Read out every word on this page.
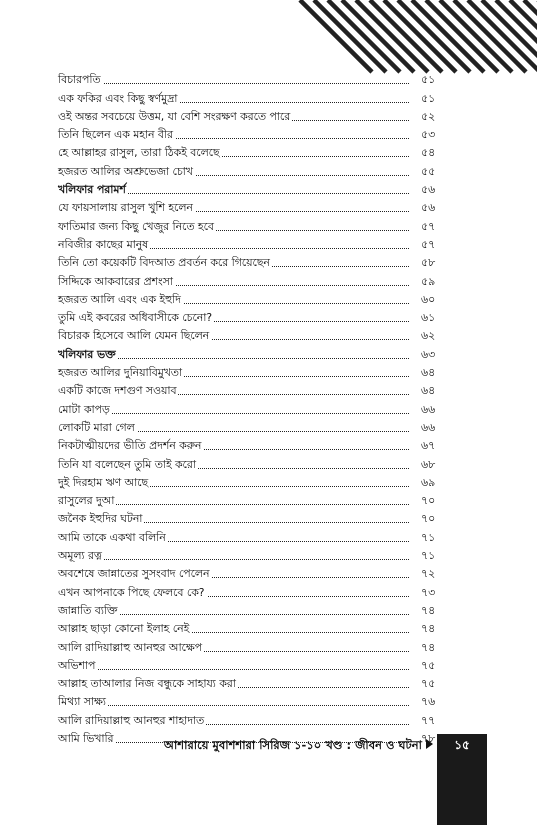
বিচারপতি	৫১
এক ফকির এবং কিছু স্বর্ণমুদ্রা	৫১
ওই অন্তর সবচেয়ে উত্তম, যা বেশি সংরক্ষণ করতে পারে	৫২
তিনি ছিলেন এক মহান বীর	৫৩
হে আল্লাহর রাসুল, তারা ঠিকই বলেছে	৫৪
হজরত আলির অশ্রুভেজা চোখ	৫৫
খলিফার পরামর্শ	৫৬
যে ফায়সালায় রাসুল খুশি হলেন	৫৬
ফাতিমার জন্য কিছু খেজুর নিতে হবে	৫৭
নবিজীর কাছের মানুষ	৫৭
তিনি তো কয়েকটি বিদআত প্রবর্তন করে গিয়েছেন	৫৮
সিদ্দিকে আকবারের প্রশংসা	৫৯
হজরত আলি এবং এক ইহুদি	৬০
তুমি এই কবরের অধিবাসীকে চেনো?	৬১
বিচারক হিসেবে আলি যেমন ছিলেন	৬২
খলিফার ভক্ত	৬৩
হজরত আলির দুনিয়াবিমুখতা	৬৪
একটি কাজে দশগুণ সওয়াব	৬৪
মোটা কাপড়	৬৬
লোকটি মারা গেল	৬৬
নিকটাত্মীয়দের ভীতি প্রদর্শন করুন	৬৭
তিনি যা বলেছেন তুমি তাই করো	৬৮
দুই দিরহাম ঋণ আছে	৬৯
রাসুলের দুআ	৭০
জনৈক ইহুদির ঘটনা	৭০
আমি তাকে একথা বলিনি	৭১
অমূল্য রত্ন	৭১
অবশেষে জান্নাতের সুসংবাদ পেলেন	৭২
এখন আপনাকে পিছে ফেলবে কে?	৭৩
জান্নাতি ব্যক্তি	৭৪
আল্লাহ ছাড়া কোনো ইলাহ নেই	৭৪
আলি রাদিয়াল্লাহু আনহুর আক্ষেপ	৭৪
অভিশাপ	৭৫
আল্লাহ তাআলার নিজ বন্ধুকে সাহায্য করা	৭৫
মিথ্যা সাক্ষ্য	৭৬
আলি রাদিয়াল্লাহু আনহুর শাহাদাত	৭৭
আমি ভিখারি	৭৮
আশারায়ে মুবাশশারা সিরিজ ১-১০ খণ্ড : জীবন ও ঘটনা	১৫
